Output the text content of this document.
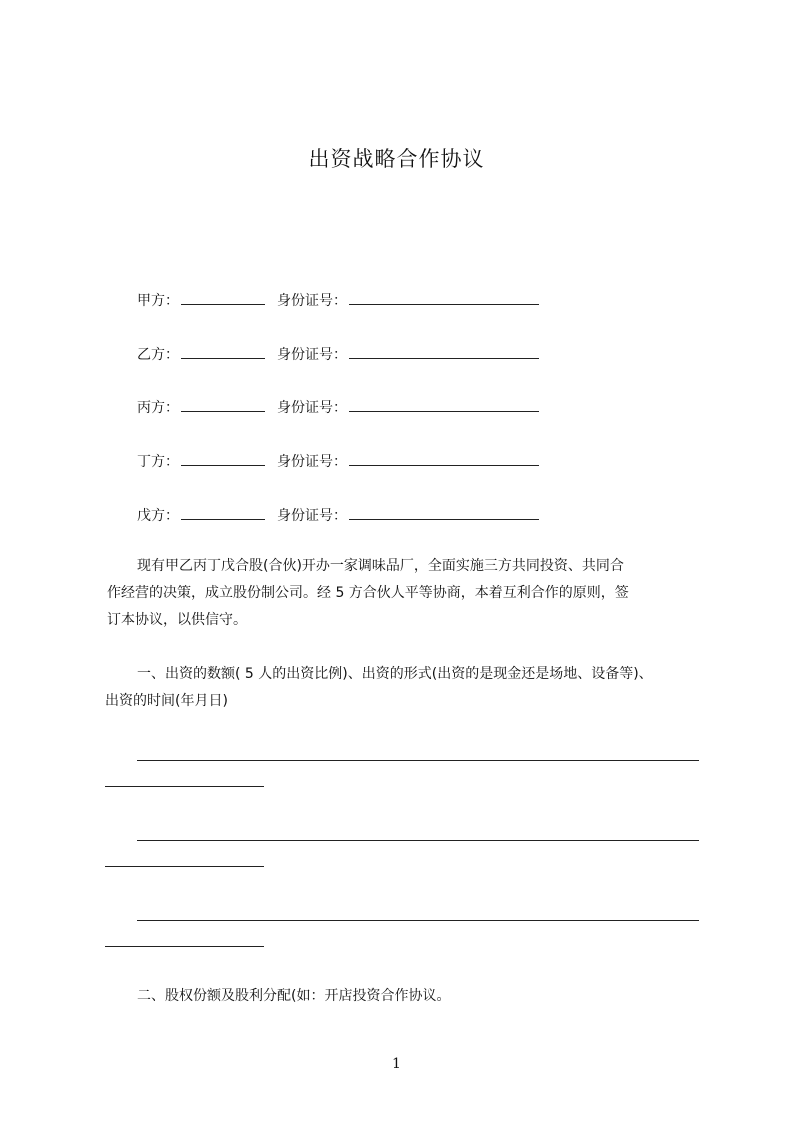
出资战略合作协议
甲方：	身份证号：
乙方：	身份证号：
丙方：	身份证号：
丁方：	身份证号：
戊方：	身份证号：
现有甲乙丙丁戊合股(合伙)开办一家调味品厂，全面实施三方共同投资、共同合
作经营的决策，成立股份制公司。经 5 方合伙人平等协商，本着互利合作的原则，签
订本协议，以供信守。
一、出资的数额( 5 人的出资比例)、出资的形式(出资的是现金还是场地、设备等)、
出资的时间(年月日)
二、股权份额及股利分配(如：开店投资合作协议。
1
